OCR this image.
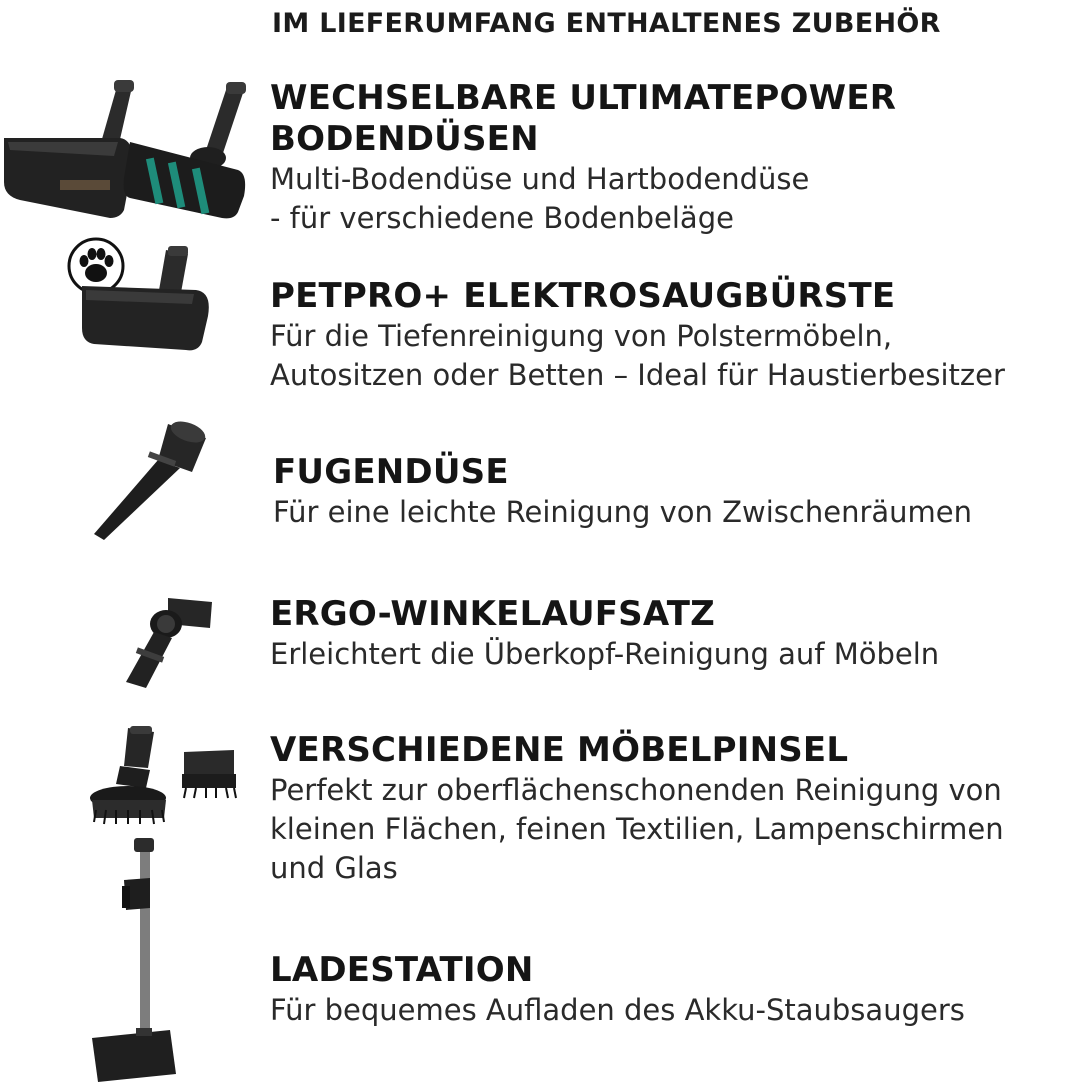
IM LIEFERUMFANG ENTHALTENES ZUBEHÖR
WECHSELBARE ULTIMATEPOWER
BODENDÜSEN
Multi-Bodendüse und Hartbodendüse
- für verschiedene Bodenbeläge
PETPRO+ ELEKTROSAUGBÜRSTE
Für die Tiefenreinigung von Polstermöbeln,
Autositzen oder Betten – Ideal für Haustierbesitzer
FUGENDÜSE
Für eine leichte Reinigung von Zwischenräumen
ERGO-WINKELAUFSATZ
Erleichtert die Überkopf-Reinigung auf Möbeln
VERSCHIEDENE MÖBELPINSEL
Perfekt zur oberflächenschonenden Reinigung von
kleinen Flächen, feinen Textilien, Lampenschirmen
und Glas
LADESTATION
Für bequemes Aufladen des Akku-Staubsaugers
